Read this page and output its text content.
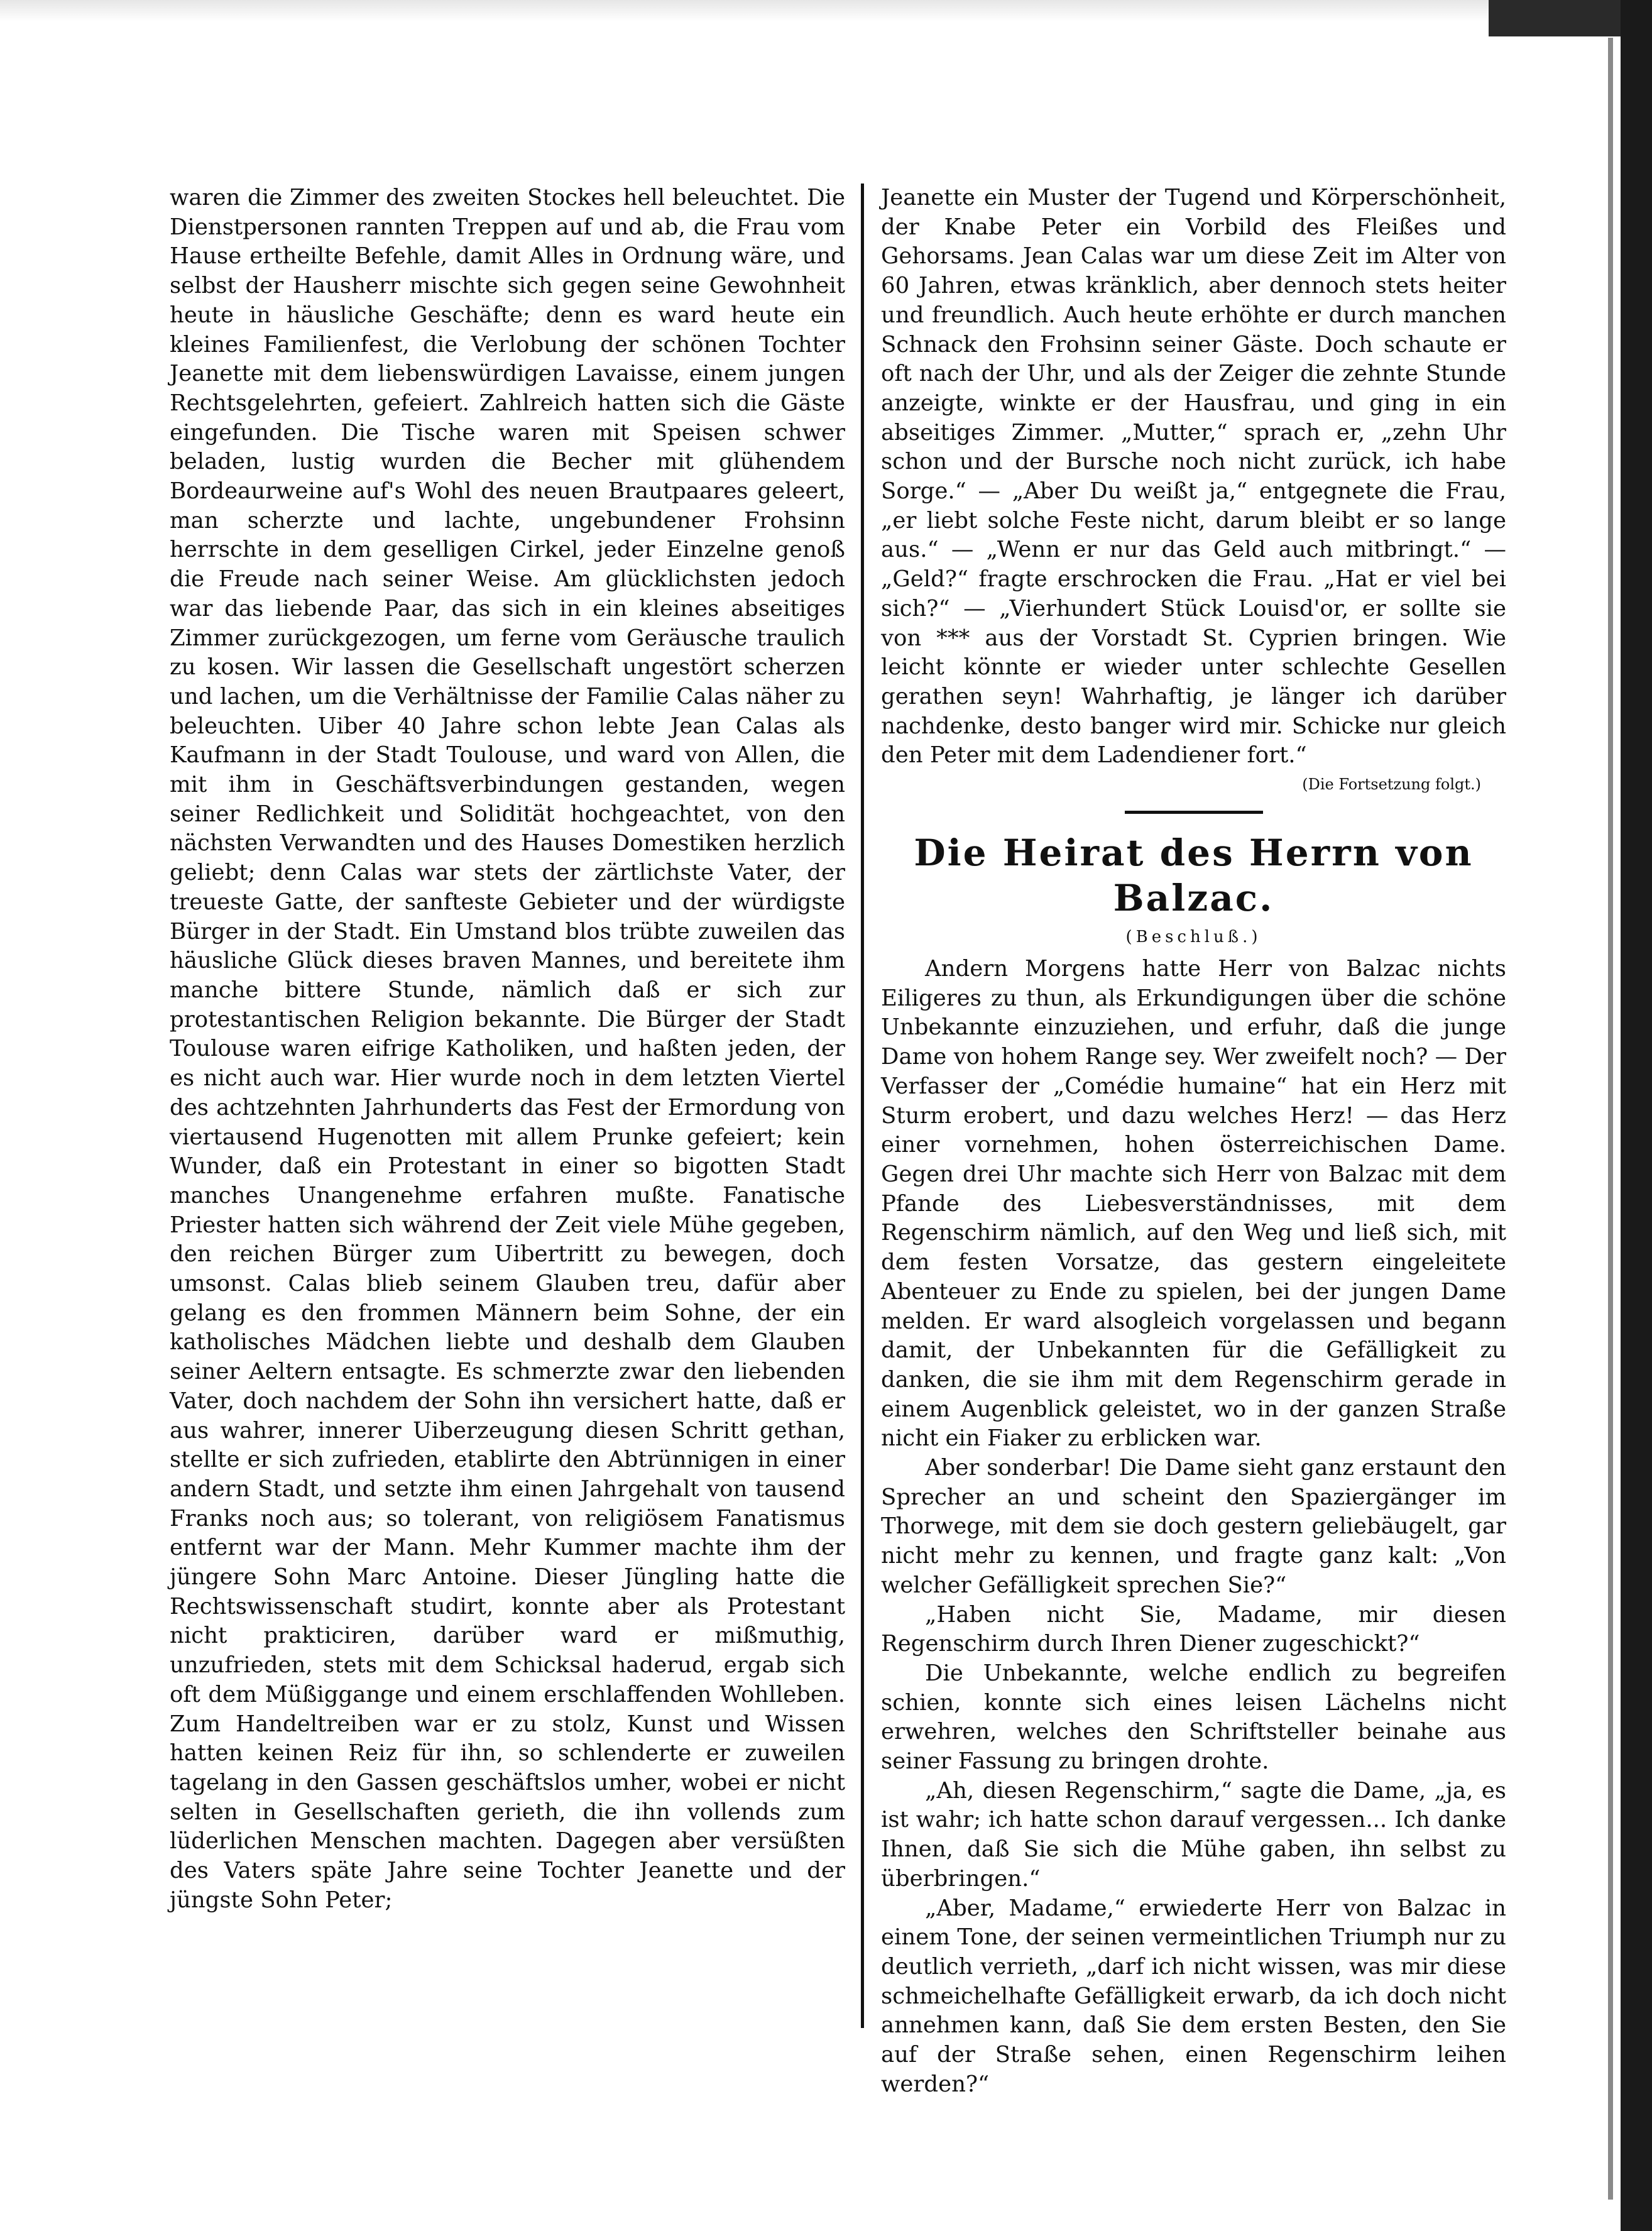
waren die Zimmer des zweiten Stockes hell beleuchtet. Die Dienstpersonen rannten Treppen auf und ab, die Frau vom Hause ertheilte Befehle, damit Alles in Ordnung wäre, und selbst der Hausherr mischte sich gegen seine Gewohnheit heute in häusliche Geschäfte; denn es ward heute ein kleines Familienfest, die Verlobung der schönen Tochter Jeanette mit dem liebenswürdigen Lavaisse, einem jungen Rechtsgelehrten, gefeiert. Zahlreich hatten sich die Gäste eingefunden. Die Tische waren mit Speisen schwer beladen, lustig wurden die Becher mit glühendem Bordeaurweine auf's Wohl des neuen Brautpaares geleert, man scherzte und lachte, ungebundener Frohsinn herrschte in dem geselligen Cirkel, jeder Einzelne genoß die Freude nach seiner Weise. Am glücklichsten jedoch war das liebende Paar, das sich in ein kleines abseitiges Zimmer zurückgezogen, um ferne vom Geräusche traulich zu kosen. Wir lassen die Gesellschaft ungestört scherzen und lachen, um die Verhältnisse der Familie Calas näher zu beleuchten. Uiber 40 Jahre schon lebte Jean Calas als Kaufmann in der Stadt Toulouse, und ward von Allen, die mit ihm in Geschäftsverbindungen gestanden, wegen seiner Redlichkeit und Solidität hochgeachtet, von den nächsten Verwandten und des Hauses Domestiken herzlich geliebt; denn Calas war stets der zärtlichste Vater, der treueste Gatte, der sanfteste Gebieter und der würdigste Bürger in der Stadt. Ein Umstand blos trübte zuweilen das häusliche Glück dieses braven Mannes, und bereitete ihm manche bittere Stunde, nämlich daß er sich zur protestantischen Religion bekannte. Die Bürger der Stadt Toulouse waren eifrige Katholiken, und haßten jeden, der es nicht auch war. Hier wurde noch in dem letzten Viertel des achtzehnten Jahrhunderts das Fest der Ermordung von viertausend Hugenotten mit allem Prunke gefeiert; kein Wunder, daß ein Protestant in einer so bigotten Stadt manches Unangenehme erfahren mußte. Fanatische Priester hatten sich während der Zeit viele Mühe gegeben, den reichen Bürger zum Uibertritt zu bewegen, doch umsonst. Calas blieb seinem Glauben treu, dafür aber gelang es den frommen Männern beim Sohne, der ein katholisches Mädchen liebte und deshalb dem Glauben seiner Aeltern entsagte. Es schmerzte zwar den liebenden Vater, doch nachdem der Sohn ihn versichert hatte, daß er aus wahrer, innerer Uiberzeugung diesen Schritt gethan, stellte er sich zufrieden, etablirte den Abtrünnigen in einer andern Stadt, und setzte ihm einen Jahrgehalt von tausend Franks noch aus; so tolerant, von religiösem Fanatismus entfernt war der Mann. Mehr Kummer machte ihm der jüngere Sohn Marc Antoine. Dieser Jüngling hatte die Rechtswissenschaft studirt, konnte aber als Protestant nicht prakticiren, darüber ward er mißmuthig, unzufrieden, stets mit dem Schicksal haderud, ergab sich oft dem Müßiggange und einem erschlaffenden Wohlleben. Zum Handeltreiben war er zu stolz, Kunst und Wissen hatten keinen Reiz für ihn, so schlenderte er zuweilen tagelang in den Gassen geschäftslos umher, wobei er nicht selten in Gesellschaften gerieth, die ihn vollends zum lüderlichen Menschen machten. Dagegen aber versüßten des Vaters späte Jahre seine Tochter Jeanette und der jüngste Sohn Peter;

Jeanette ein Muster der Tugend und Körperschönheit, der Knabe Peter ein Vorbild des Fleißes und Gehorsams. Jean Calas war um diese Zeit im Alter von 60 Jahren, etwas kränklich, aber dennoch stets heiter und freundlich. Auch heute erhöhte er durch manchen Schnack den Frohsinn seiner Gäste. Doch schaute er oft nach der Uhr, und als der Zeiger die zehnte Stunde anzeigte, winkte er der Hausfrau, und ging in ein abseitiges Zimmer. „Mutter,“ sprach er, „zehn Uhr schon und der Bursche noch nicht zurück, ich habe Sorge.“ — „Aber Du weißt ja,“ entgegnete die Frau, „er liebt solche Feste nicht, darum bleibt er so lange aus.“ — „Wenn er nur das Geld auch mitbringt.“ — „Geld?“ fragte erschrocken die Frau. „Hat er viel bei sich?“ — „Vierhundert Stück Louisd'or, er sollte sie von *** aus der Vorstadt St. Cyprien bringen. Wie leicht könnte er wieder unter schlechte Gesellen gerathen seyn! Wahrhaftig, je länger ich darüber nachdenke, desto banger wird mir. Schicke nur gleich den Peter mit dem Ladendiener fort.“

(Die Fortsetzung folgt.)
Die Heirat des Herrn von Balzac.
(Beschluß.)

Andern Morgens hatte Herr von Balzac nichts Eiligeres zu thun, als Erkundigungen über die schöne Unbekannte einzuziehen, und erfuhr, daß die junge Dame von hohem Range sey. Wer zweifelt noch? — Der Verfasser der „Comédie humaine“ hat ein Herz mit Sturm erobert, und dazu welches Herz! — das Herz einer vornehmen, hohen österreichischen Dame. Gegen drei Uhr machte sich Herr von Balzac mit dem Pfande des Liebesverständnisses, mit dem Regenschirm nämlich, auf den Weg und ließ sich, mit dem festen Vorsatze, das gestern eingeleitete Abenteuer zu Ende zu spielen, bei der jungen Dame melden. Er ward alsogleich vorgelassen und begann damit, der Unbekannten für die Gefälligkeit zu danken, die sie ihm mit dem Regenschirm gerade in einem Augenblick geleistet, wo in der ganzen Straße nicht ein Fiaker zu erblicken war.

Aber sonderbar! Die Dame sieht ganz erstaunt den Sprecher an und scheint den Spaziergänger im Thorwege, mit dem sie doch gestern geliebäugelt, gar nicht mehr zu kennen, und fragte ganz kalt: „Von welcher Gefälligkeit sprechen Sie?“

„Haben nicht Sie, Madame, mir diesen Regenschirm durch Ihren Diener zugeschickt?“

Die Unbekannte, welche endlich zu begreifen schien, konnte sich eines leisen Lächelns nicht erwehren, welches den Schriftsteller beinahe aus seiner Fassung zu bringen drohte.

„Ah, diesen Regenschirm,“ sagte die Dame, „ja, es ist wahr; ich hatte schon darauf vergessen... Ich danke Ihnen, daß Sie sich die Mühe gaben, ihn selbst zu überbringen.“

„Aber, Madame,“ erwiederte Herr von Balzac in einem Tone, der seinen vermeintlichen Triumph nur zu deutlich verrieth, „darf ich nicht wissen, was mir diese schmeichelhafte Gefälligkeit erwarb, da ich doch nicht annehmen kann, daß Sie dem ersten Besten, den Sie auf der Straße sehen, einen Regenschirm leihen werden?“
